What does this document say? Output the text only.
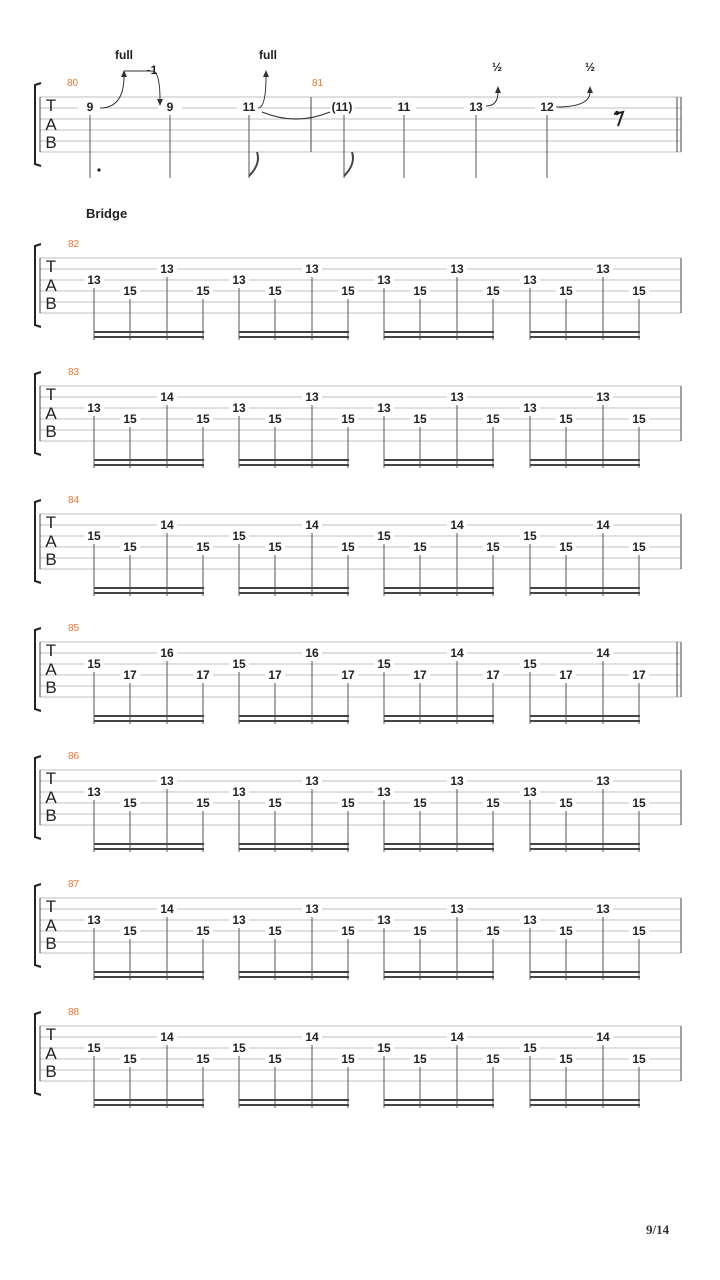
T
A
B
80	81
9	9	11	(11)	11	13	12
full
-1
full
½	½
T
A
B
82
13
15
13
15
13
15
13
15
13
15
13
15
13
15
13
15
T
A
B
83
13
15
14
15
13
15
13
15
13
15
13
15
13
15
13
15
T
A
B
84
15
15
14
15
15
15
14
15
15
15
14
15
15
15
14
15
T
A
B
85
15
17
16
17
15
17
16
17
15
17
14
17
15
17
14
17
T
A
B
86
13
15
13
15
13
15
13
15
13
15
13
15
13
15
13
15
T
A
B
87
13
15
14
15
13
15
13
15
13
15
13
15
13
15
13
15
T
A
B
88
15
15
14
15
15
15
14
15
15
15
14
15
15
15
14
15
Bridge
9/14
